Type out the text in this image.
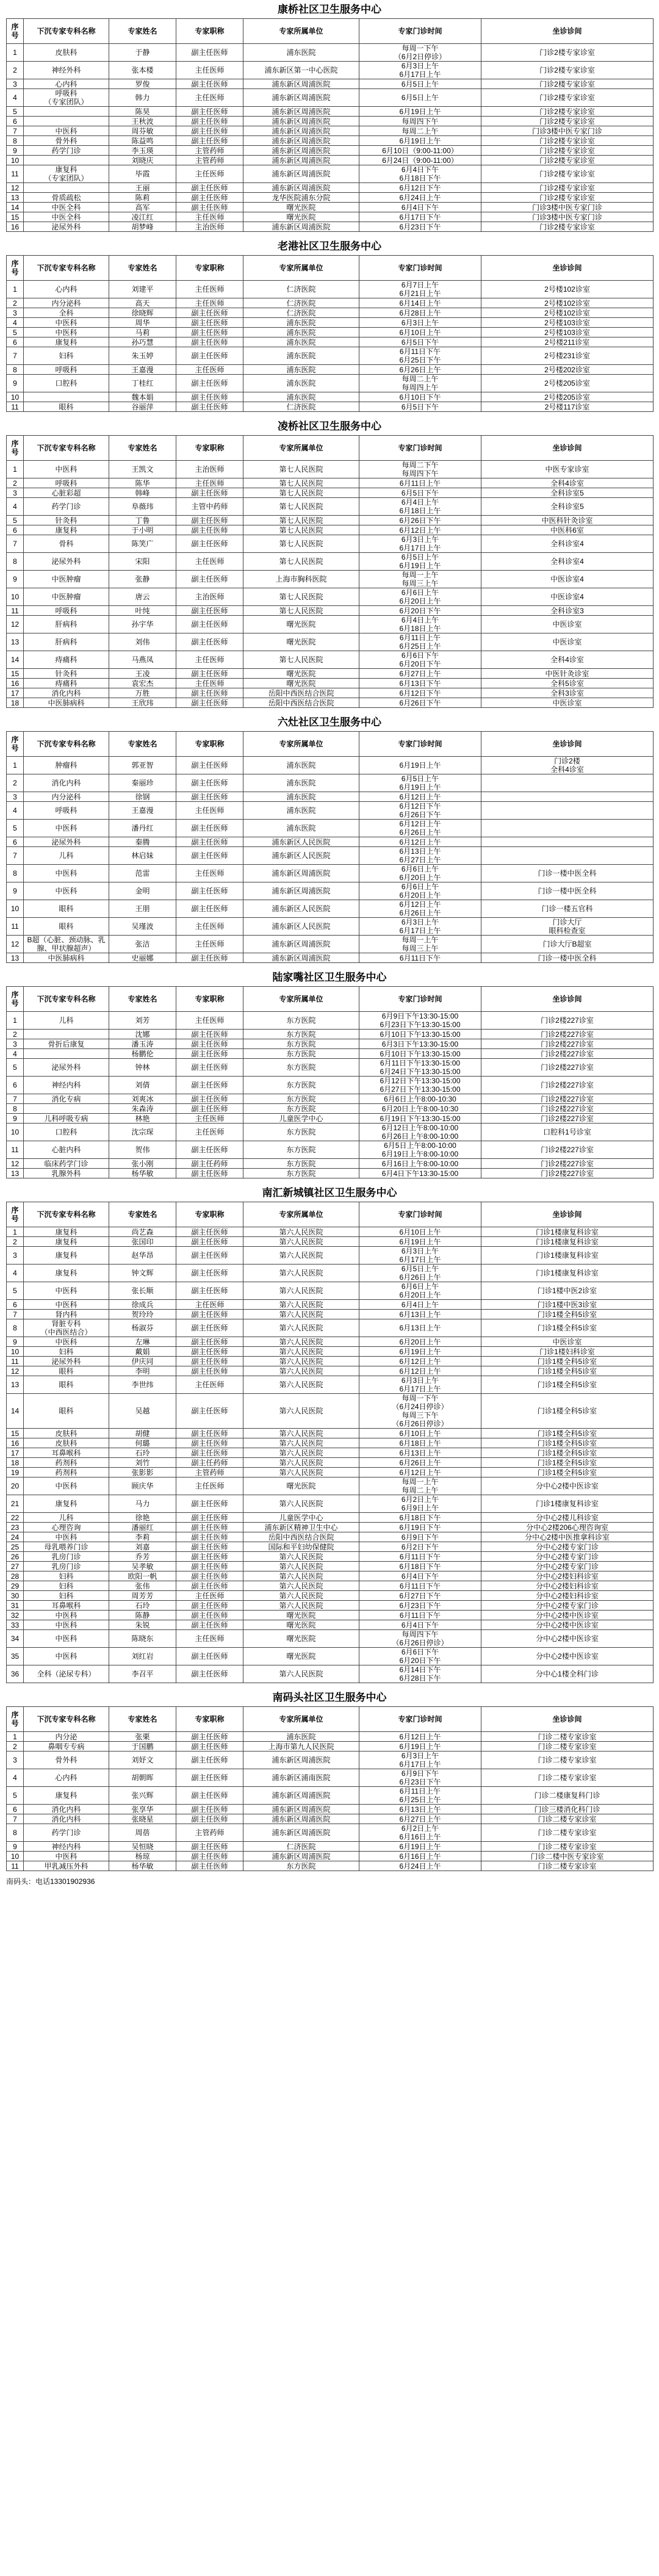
康桥社区卫生服务中心
序号	下沉专家专科名称	专家姓名	专家职称	专家所属单位	专家门诊时间	坐诊诊间
1	皮肤科	于静	副主任医师	浦东医院	每周一下午
（6月2日停诊）	门诊2楼专家诊室
2	神经外科	张本楼	主任医师	浦东新区第一中心医院	6月3日上午
6月17日上午	门诊2楼专家诊室
3	心内科	罗俊	副主任医师	浦东新区周浦医院	6月5日上午	门诊2楼专家诊室
4	呼吸科
（专家团队）	韩力	主任医师	浦东新区周浦医院	6月5日上午	门诊2楼专家诊室
5		陈昊	副主任医师	浦东新区周浦医院	6月19日上午	门诊2楼专家诊室
6		王秋波	副主任医师	浦东新区周浦医院	每周四下午	门诊2楼专家诊室
7	中医科	周芬敏	副主任医师	浦东新区周浦医院	每周二上午	门诊3楼中医专家门诊
8	骨外科	陈益鸣	副主任医师	浦东新区周浦医院	6月19日上午	门诊2楼专家诊室
9	药学门诊	李玉瑛	主管药师	浦东新区周浦医院	6月10日（9:00-11:00）	门诊2楼专家诊室
10		刘晓庆	主管药师	浦东新区周浦医院	6月24日（9:00-11:00）	门诊2楼专家诊室
11	康复科
（专家团队）	毕霞	主任医师	浦东新区周浦医院	6月4日下午
6月18日下午	门诊2楼专家诊室
12		王丽	副主任医师	浦东新区周浦医院	6月12日下午	门诊2楼专家诊室
13	骨质疏松	陈莉	副主任医师	龙华医院浦东分院	6月24日上午	门诊2楼专家诊室
14	中医全科	高军	副主任医师	曙光医院	6月4日下午	门诊3楼中医专家门诊
15	中医全科	凌江红	主任医师	曙光医院	6月17日下午	门诊3楼中医专家门诊
16	泌尿外科	胡梦峰	主治医师	浦东新区周浦医院	6月23日下午	门诊2楼专家诊室
老港社区卫生服务中心
序号	下沉专家专科名称	专家姓名	专家职称	专家所属单位	专家门诊时间	坐诊诊间
1	心内科	刘建平	主任医师	仁济医院	6月7日上午
6月21日上午	2号楼102诊室
2	内分泌科	高天	主任医师	仁济医院	6月14日上午	2号楼102诊室
3	全科	徐晓辉	副主任医师	仁济医院	6月28日上午	2号楼102诊室
4	中医科	周华	副主任医师	浦东医院	6月3日上午	2号楼103诊室
5	中医科	马莉	副主任医师	浦东医院	6月10日上午	2号楼103诊室
6	康复科	孙巧慧	副主任医师	浦东医院	6月5日下午	2号楼211诊室
7	妇科	朱玉婷	副主任医师	浦东医院	6月11日下午
6月25日下午	2号楼231诊室
8	呼吸科	王嘉漫	主任医师	浦东医院	6月26日上午	2号楼202诊室
9	口腔科	丁桂红	副主任医师	浦东医院	每周二上午
每周四上午	2号楼205诊室
10		魏本娟	副主任医师	浦东医院	6月10日下午	2号楼205诊室
11	眼科	谷丽萍	副主任医师	仁济医院	6月5日下午	2号楼117诊室
凌桥社区卫生服务中心
序号	下沉专家专科名称	专家姓名	专家职称	专家所属单位	专家门诊时间	坐诊诊间
1	中医科	王凯文	主治医师	第七人民医院	每周二下午
每周四下午	中医专家诊室
2	呼吸科	陈华	主任医师	第七人民医院	6月11日上午	全科4诊室
3	心脏彩超	韩峰	副主任医师	第七人民医院	6月5日下午	全科诊室5
4	药学门诊	阜薇玮	主管中药师	第七人民医院	6月4日上午
6月18日上午	全科诊室5
5	针灸科	丁鲁	副主任医师	第七人民医院	6月26日下午	中医科针灸诊室
6	康复科	于小明	副主任医师	第七人民医院	6月12日上午	中医科6室
7	骨科	陈笑广	副主任医师	第七人民医院	6月3日上午
6月17日上午	全科诊室4
8	泌尿外科	宋阳	主任医师	第七人民医院	6月5日上午
6月19日上午	全科诊室4
9	中医肿瘤	张静	副主任医师	上海市胸科医院	每周一上午
每周三上午	中医诊室4
10	中医肿瘤	唐云	主治医师	第七人民医院	6月6日上午
6月20日上午	中医诊室4
11	呼吸科	叶纯	副主任医师	第七人民医院	6月20日下午	全科诊室3
12	肝病科	孙宇华	副主任医师	曙光医院	6月4日上午
6月18日上午	中医诊室
13	肝病科	刘伟	副主任医师	曙光医院	6月11日上午
6月25日上午	中医诊室
14	痔痛科	马燕凤	主任医师	第七人民医院	6月6日下午
6月20日下午	全科4诊室
15	针灸科	王凌	副主任医师	曙光医院	6月27日上午	中医针灸诊室
16	痔痛科	袁宏杰	主任医师	曙光医院	6月13日下午	全科5诊室
17	消化内科	万胜	副主任医师	岳阳中西医结合医院	6月12日下午	全科3诊室
18	中医肺病科	王欣玮	副主任医师	岳阳中西医结合医院	6月26日下午	中医诊室
六灶社区卫生服务中心
序号	下沉专家专科名称	专家姓名	专家职称	专家所属单位	专家门诊时间	坐诊诊间
1	肿瘤科	郭亚智	副主任医师	浦东医院	6月19日上午	门诊2楼
全科4诊室
2	消化内科	秦丽珍	副主任医师	浦东医院	6月5日上午
6月19日上午	
3	内分泌科	徐钢	副主任医师	浦东医院	6月12日上午	
4	呼吸科	王嘉漫	主任医师	浦东医院	6月12日下午
6月26日下午	
5	中医科	潘丹红	副主任医师	浦东医院	6月12日上午
6月26日上午	
6	泌尿外科	秦腾	副主任医师	浦东新区人民医院	6月12日上午	
7	儿科	林启妹	副主任医师	浦东新区人民医院	6月13日上午
6月27日上午	
8	中医科	范雷	主任医师	浦东新区周浦医院	6月6日上午
6月20日上午	门诊一楼中医全科
9	中医科	金明	副主任医师	浦东新区周浦医院	6月6日上午
6月20日上午	门诊一楼中医全科
10	眼科	王朋	副主任医师	浦东新区人民医院	6月12日上午
6月26日上午	门诊一楼五官科
11	眼科	吴瑾波	主任医师	浦东新区人民医院	6月3日上午
6月17日上午	门诊大厅
眼科检查室
12	B超（心脏、颈动脉、乳腺、甲状腺超声）	张洁	主任医师	浦东新区周浦医院	每周一上午
每周三上午	门诊大厅B超室
13	中医肺病科	史丽娜	副主任医师	浦东新区周浦医院	6月11日下午	门诊一楼中医全科
陆家嘴社区卫生服务中心
序号	下沉专家专科名称	专家姓名	专家职称	专家所属单位	专家门诊时间	坐诊诊间
1	儿科	刘芳	主任医师	东方医院	6月9日下午13:30-15:00
6月23日下午13:30-15:00	门诊2楼227诊室
2		沈娜	副主任医师	东方医院	6月10日下午13:30-15:00	门诊2楼227诊室
3	骨折后康复	潘玉涛	副主任医师	东方医院	6月3日下午13:30-15:00	门诊2楼227诊室
4		杨鹏伦	副主任医师	东方医院	6月10日下午13:30-15:00	门诊2楼227诊室
5	泌尿外科	钟林	副主任医师	东方医院	6月11日下午13:30-15:00
6月24日下午13:30-15:00	门诊2楼227诊室
6	神经内科	刘倩	副主任医师	东方医院	6月12日下午13:30-15:00
6月27日下午13:30-15:00	门诊2楼227诊室
7	消化专病	刘爽冰	副主任医师	东方医院	6月6日上午8:00-10:30	门诊2楼227诊室
8		朱森涛	副主任医师	东方医院	6月20日上午8:00-10:30	门诊2楼227诊室
9	儿科呼吸专病	林艳	主任医师	儿童医学中心	6月19日下午13:30-15:00	门诊2楼227诊室
10	口腔科	沈宗琛	主任医师	东方医院	6月12日上午8:00-10:00
6月26日上午8:00-10:00	口腔科1号诊室
11	心脏内科	贺伟	副主任医师	东方医院	6月5日上午8:00-10:00
6月19日上午8:00-10:00	门诊2楼227诊室
12	临床药学门诊	张小刚	副主任药师	东方医院	6月16日上午8:00-10:00	门诊2楼227诊室
13	乳腺外科	杨华敏	副主任医师	东方医院	6月4日下午13:30-15:00	门诊2楼227诊室
南汇新城镇社区卫生服务中心
序号	下沉专家专科名称	专家姓名	专家职称	专家所属单位	专家门诊时间	坐诊诊间
1	康复科	尚艺森	副主任医师	第六人民医院	6月10日上午	门诊1楼康复科诊室
2	康复科	张国印	副主任医师	第六人民医院	6月19日上午	门诊1楼康复科诊室
3	康复科	赵华昂	副主任医师	第六人民医院	6月3日上午
6月17日上午	门诊1楼康复科诊室
4	康复科	钟文辉	副主任医师	第六人民医院	6月5日上午
6月26日上午	门诊1楼康复科诊室
5	中医科	张长顺	副主任医师	第六人民医院	6月6日上午
6月20日上午	门诊1楼中医2诊室
6	中医科	徐成兵	主任医师	第六人民医院	6月4日上午	门诊1楼中医3诊室
7	肾内科	贺玲玲	副主任医师	第六人民医院	6月13日上午	门诊1楼全科5诊室
8	肾脏专科
（中西医结合）	杨淑芬	副主任医师	第六人民医院	6月13日上午	门诊1楼全科5诊室
9	中医科	左琳	副主任医师	第六人民医院	6月20日上午	中医诊室
10	妇科	戴娟	副主任医师	第六人民医院	6月19日上午	门诊1楼妇科诊室
11	泌尿外科	伊庆同	副主任医师	第六人民医院	6月12日上午	门诊1楼全科5诊室
12	眼科	李明	副主任医师	第六人民医院	6月12日上午	门诊1楼全科5诊室
13	眼科	李世纬	主任医师	第六人民医院	6月3日上午
6月17日上午	门诊1楼全科5诊室
14	眼科	吴越	副主任医师	第六人民医院	每周一下午
（6月24日停诊）
每周三下午
（6月26日停诊）	门诊1楼全科5诊室
15	皮肤科	胡健	副主任医师	第六人民医院	6月10日上午	门诊1楼全科5诊室
16	皮肤科	何璐	副主任医师	第六人民医院	6月18日上午	门诊1楼全科5诊室
17	耳鼻喉科	石玲	副主任医师	第六人民医院	6月13日上午	门诊1楼全科5诊室
18	药剂科	刘竹	副主任药师	第六人民医院	6月26日上午	门诊1楼全科5诊室
19	药剂科	张影影	主管药师	第六人民医院	6月12日上午	门诊1楼全科5诊室
20	中医科	顾庆华	主任医师	曙光医院	每周一上午
每周二上午	分中心2楼中医诊室
21	康复科	马力	副主任医师	第六人民医院	6月2日上午
6月9日上午	门诊1楼康复科诊室
22	儿科	徐艳	副主任医师	儿童医学中心	6月18日下午	分中心2楼儿科诊室
23	心理咨询	潘丽红	副主任医师	浦东新区精神卫生中心	6月19日下午	分中心2楼206心理咨询室
24	中医科	李莉	副主任医师	岳阳中西医结合医院	6月9日下午	分中心2楼中医推拿科诊室
25	母乳喂养门诊	刘嘉	副主任医师	国际和平妇幼保健院	6月2日下午	分中心2楼专家门诊
26	乳房门诊	乔芳	副主任医师	第六人民医院	6月11日下午	分中心2楼专家门诊
27	乳房门诊	吴孝敏	副主任医师	第六人民医院	6月18日下午	分中心2楼专家门诊
28	妇科	欧阳一帆	副主任医师	第六人民医院	6月4日下午	分中心2楼妇科诊室
29	妇科	张伟	副主任医师	第六人民医院	6月11日下午	分中心2楼妇科诊室
30	妇科	周芳芳	主任医师	第六人民医院	6月27日下午	分中心2楼妇科诊室
31	耳鼻喉科	石玲	副主任医师	第六人民医院	6月23日下午	分中心2楼专家门诊
32	中医科	陈静	副主任医师	曙光医院	6月11日下午	分中心2楼中医诊室
33	中医科	朱锐	副主任医师	曙光医院	6月4日下午	分中心2楼中医诊室
34	中医科	陈晓东	主任医师	曙光医院	每周四下午
（6月26日停诊）	分中心2楼中医诊室
35	中医科	刘红岩	副主任医师	曙光医院	6月6日下午
6月20日下午	分中心2楼中医诊室
36	全科（泌尿专科）	李召平	副主任医师	第六人民医院	6月14日下午
6月28日下午	分中心1楼全科门诊
南码头社区卫生服务中心
序号	下沉专家专科名称	专家姓名	专家职称	专家所属单位	专家门诊时间	坐诊诊间
1	内分泌	张栗	副主任医师	浦东医院	6月12日上午	门诊二楼专家诊室
2	鼻咽专专病	于国鹏	副主任医师	上海市第九人民医院	6月19日上午	门诊二楼专家诊室
3	骨外科	刘妤文	副主任医师	浦东新区周浦医院	6月3日上午
6月17日上午	门诊二楼专家诊室
4	心内科	胡朝晖	副主任医师	浦东新区浦南医院	6月9日下午
6月23日下午	门诊二楼专家诊室
5	康复科	张兴辉	副主任医师	浦东新区周浦医院	6月11日上午
6月25日上午	门诊二楼康复科门诊
6	消化内科	张享华	副主任医师	浦东新区周浦医院	6月13日上午	门诊三楼消化科门诊
7	消化内科	张晓星	副主任医师	浦东新区周浦医院	6月27日上午	门诊二楼专家诊室
8	药学门诊	周蓓	主管药师	浦东新区周浦医院	6月2日上午
6月16日上午	门诊二楼专家诊室
9	神经内科	吴恒晓	副主任医师	仁济医院	6月19日上午	门诊二楼专家诊室
10	中医科	杨琼	副主任医师	浦东新区周浦医院	6月16日上午	门诊二楼中医专家诊室
11	甲乳减压外科	杨华敏	副主任医师	东方医院	6月24日上午	门诊二楼专家诊室
南码头：电话13301902936
